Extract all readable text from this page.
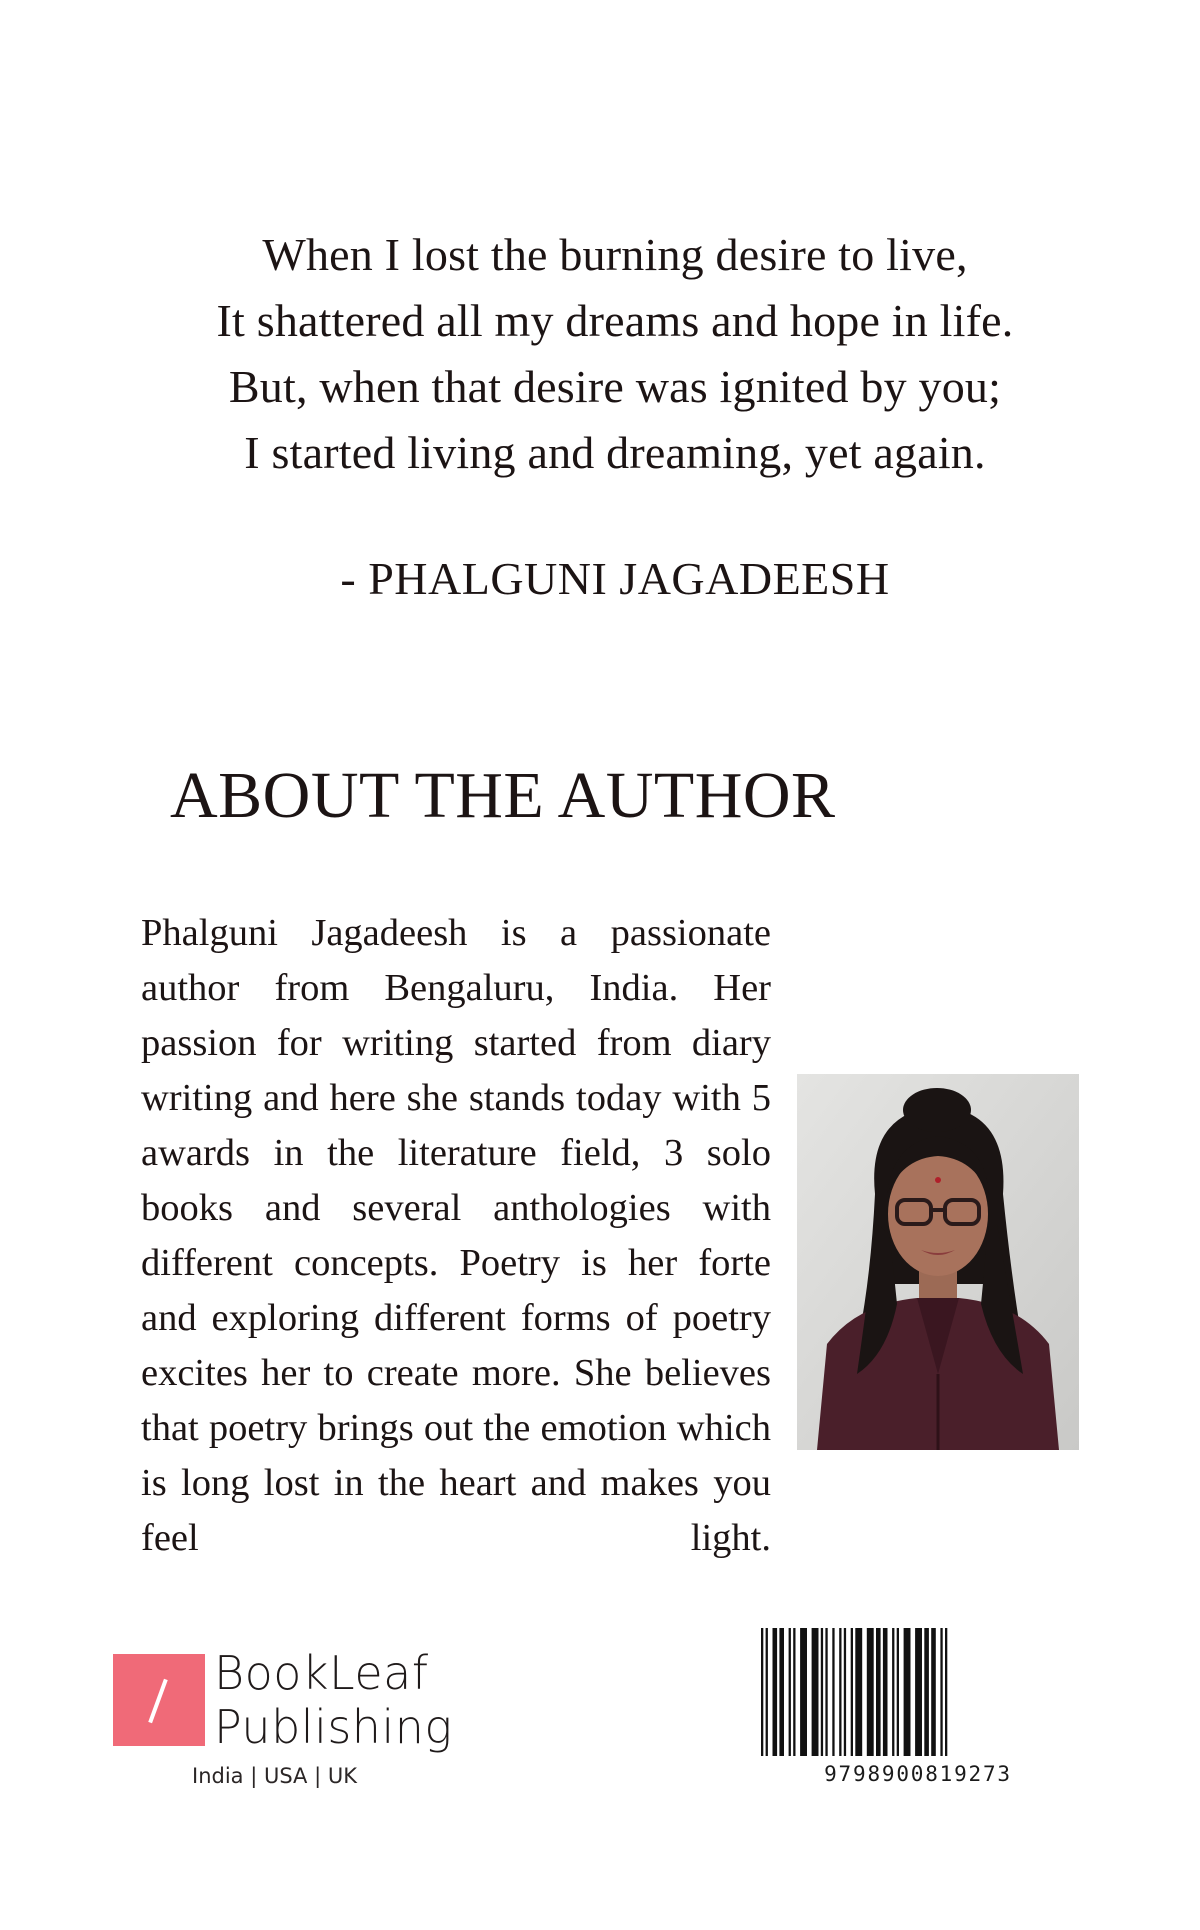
When I lost the burning desire to live,
It shattered all my dreams and hope in life.
But, when that desire was ignited by you;
I started living and dreaming, yet again.
- PHALGUNI JAGADEESH
ABOUT THE AUTHOR

Phalguni Jagadeesh is a passionate author from Bengaluru, India. Her passion for writing started from diary writing and here she stands today with 5 awards in the literature field, 3 solo books and several anthologies with different concepts. Poetry is her forte and exploring different forms of poetry excites her to create more. She believes that poetry brings out the emotion which is long lost in the heart and makes you feel light.

BookLeaf
Publishing
India | USA | UK	9798900819273
